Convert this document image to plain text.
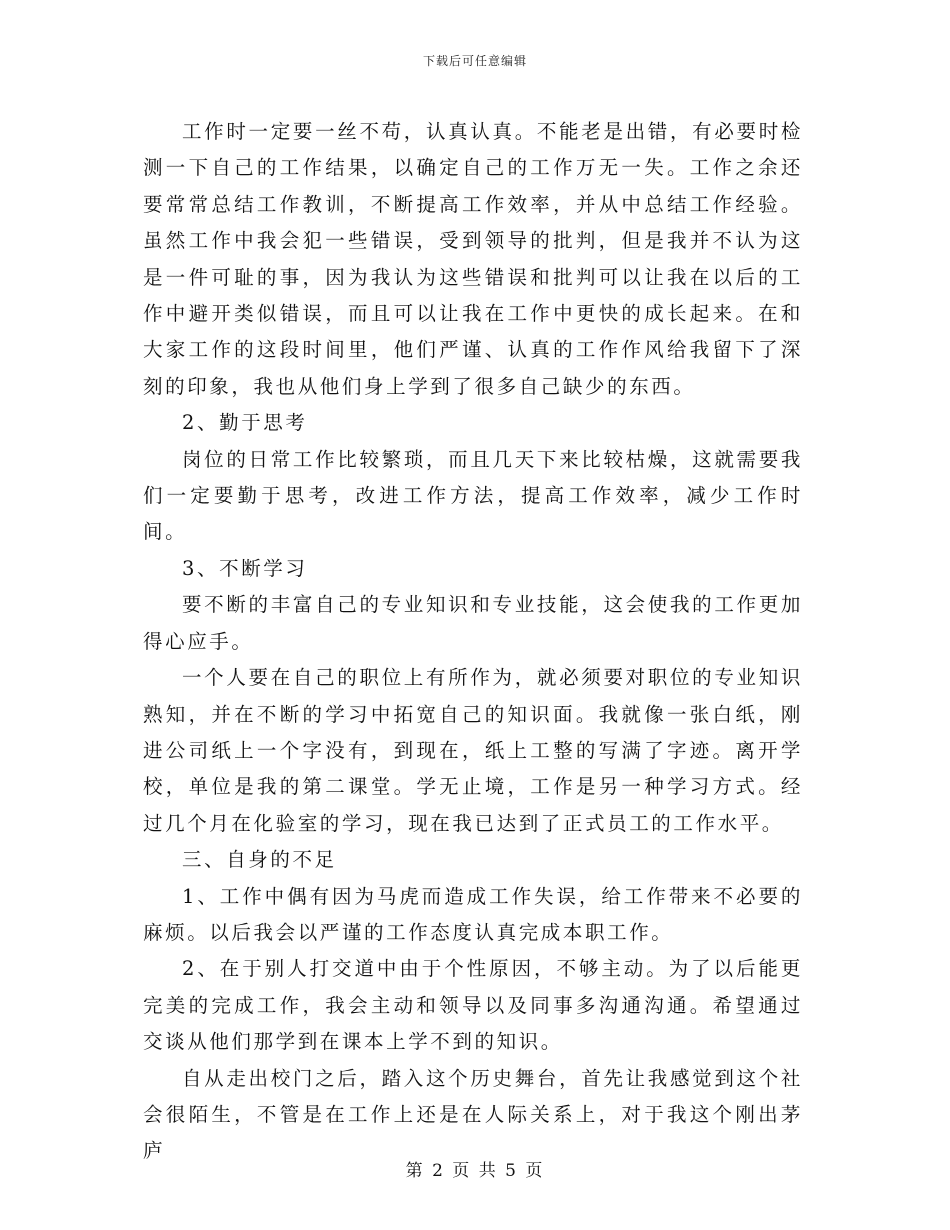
下载后可任意编辑

工作时一定要一丝不苟，认真认真。不能老是出错，有必要时检测一下自己的工作结果，以确定自己的工作万无一失。工作之余还要常常总结工作教训，不断提高工作效率，并从中总结工作经验。虽然工作中我会犯一些错误，受到领导的批判，但是我并不认为这是一件可耻的事，因为我认为这些错误和批判可以让我在以后的工作中避开类似错误，而且可以让我在工作中更快的成长起来。在和大家工作的这段时间里，他们严谨、认真的工作作风给我留下了深刻的印象，我也从他们身上学到了很多自己缺少的东西。

2、勤于思考

岗位的日常工作比较繁琐，而且几天下来比较枯燥，这就需要我们一定要勤于思考，改进工作方法，提高工作效率，减少工作时间。

3、不断学习

要不断的丰富自己的专业知识和专业技能，这会使我的工作更加得心应手。

一个人要在自己的职位上有所作为，就必须要对职位的专业知识熟知，并在不断的学习中拓宽自己的知识面。我就像一张白纸，刚进公司纸上一个字没有，到现在，纸上工整的写满了字迹。离开学校，单位是我的第二课堂。学无止境，工作是另一种学习方式。经过几个月在化验室的学习，现在我已达到了正式员工的工作水平。

三、自身的不足

1、工作中偶有因为马虎而造成工作失误，给工作带来不必要的麻烦。以后我会以严谨的工作态度认真完成本职工作。

2、在于别人打交道中由于个性原因，不够主动。为了以后能更完美的完成工作，我会主动和领导以及同事多沟通沟通。希望通过交谈从他们那学到在课本上学不到的知识。

自从走出校门之后，踏入这个历史舞台，首先让我感觉到这个社会很陌生，不管是在工作上还是在人际关系上，对于我这个刚出茅庐

第 2 页 共 5 页
